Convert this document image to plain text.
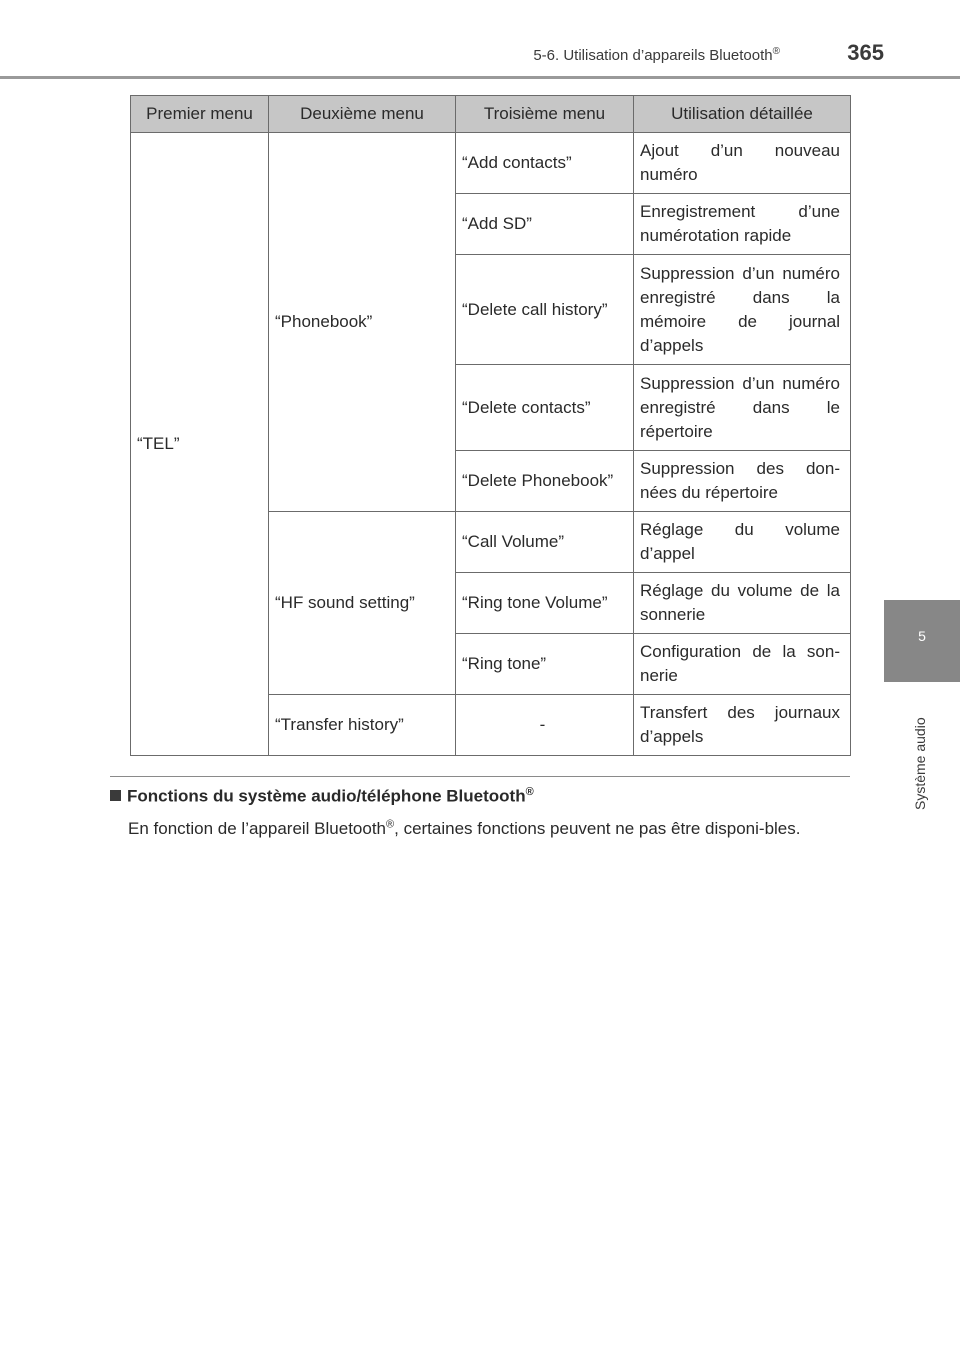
5-6. Utilisation d’appareils Bluetooth®	365
5
Système audio
Premier menu	Deuxième menu	Troisième menu	Utilisation détaillée
“TEL”	“Phonebook”	“Add contacts”	Ajout d’un nouveau numéro
		“Add SD”	Enregistrement d’une numérotation rapide
		“Delete call history”	Suppression d’un numéro enregistré dans la mémoire de journal d’appels
		“Delete contacts”	Suppression d’un numéro enregistré dans le répertoire
		“Delete Phonebook”	Suppression des don-nées du répertoire
	“HF sound setting”	“Call Volume”	Réglage du volume d’appel
		“Ring tone Volume”	Réglage du volume de la sonnerie
		“Ring tone”	Configuration de la son-nerie
	“Transfer history”	-	Transfert des journaux d’appels
Fonctions du système audio/téléphone Bluetooth®
En fonction de l’appareil Bluetooth®, certaines fonctions peuvent ne pas être disponi-bles.
